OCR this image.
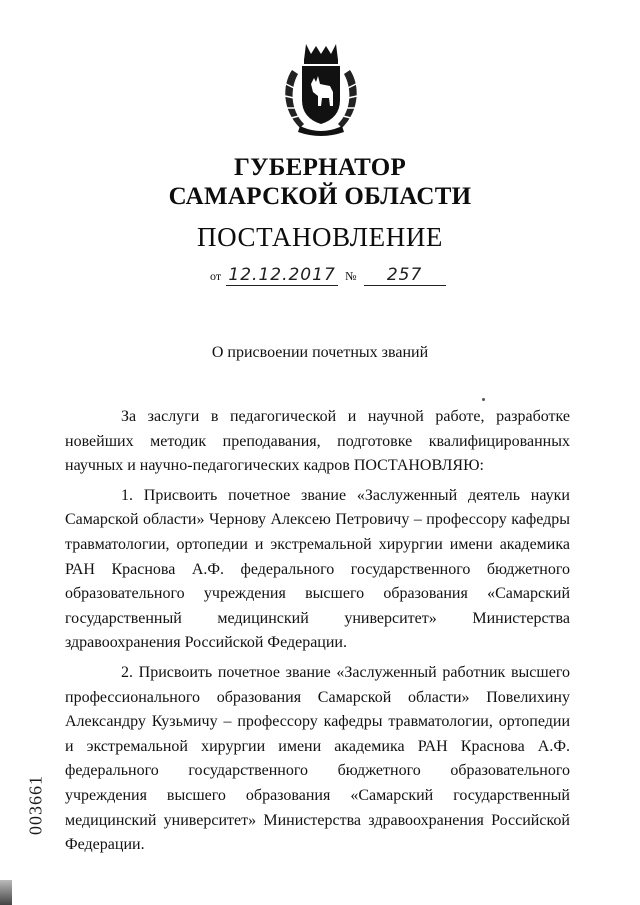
ГУБЕРНАТОР
САМАРСКОЙ ОБЛАСТИ
ПОСТАНОВЛЕНИЕ
от 12.12.2017 № 257
О присвоении почетных званий

За заслуги в педагогической и научной работе, разработке новейших методик преподавания, подготовке квалифицированных научных и научно-педагогических кадров ПОСТАНОВЛЯЮ:

1. Присвоить почетное звание «Заслуженный деятель науки Самарской области» Чернову Алексею Петровичу – профессору кафедры травматологии, ортопедии и экстремальной хирургии имени академика РАН Краснова А.Ф. федерального государственного бюджетного образовательного учреждения высшего образования «Самарский государственный медицинский университет» Министерства здравоохранения Российской Федерации.

2. Присвоить почетное звание «Заслуженный работник высшего профессионального образования Самарской области» Повелихину Александру Кузьмичу – профессору кафедры травматологии, ортопедии и экстремальной хирургии имени академика РАН Краснова А.Ф. федерального государственного бюджетного образовательного учреждения высшего образования «Самарский государственный медицинский университет» Министерства здравоохранения Российской Федерации.

003661
